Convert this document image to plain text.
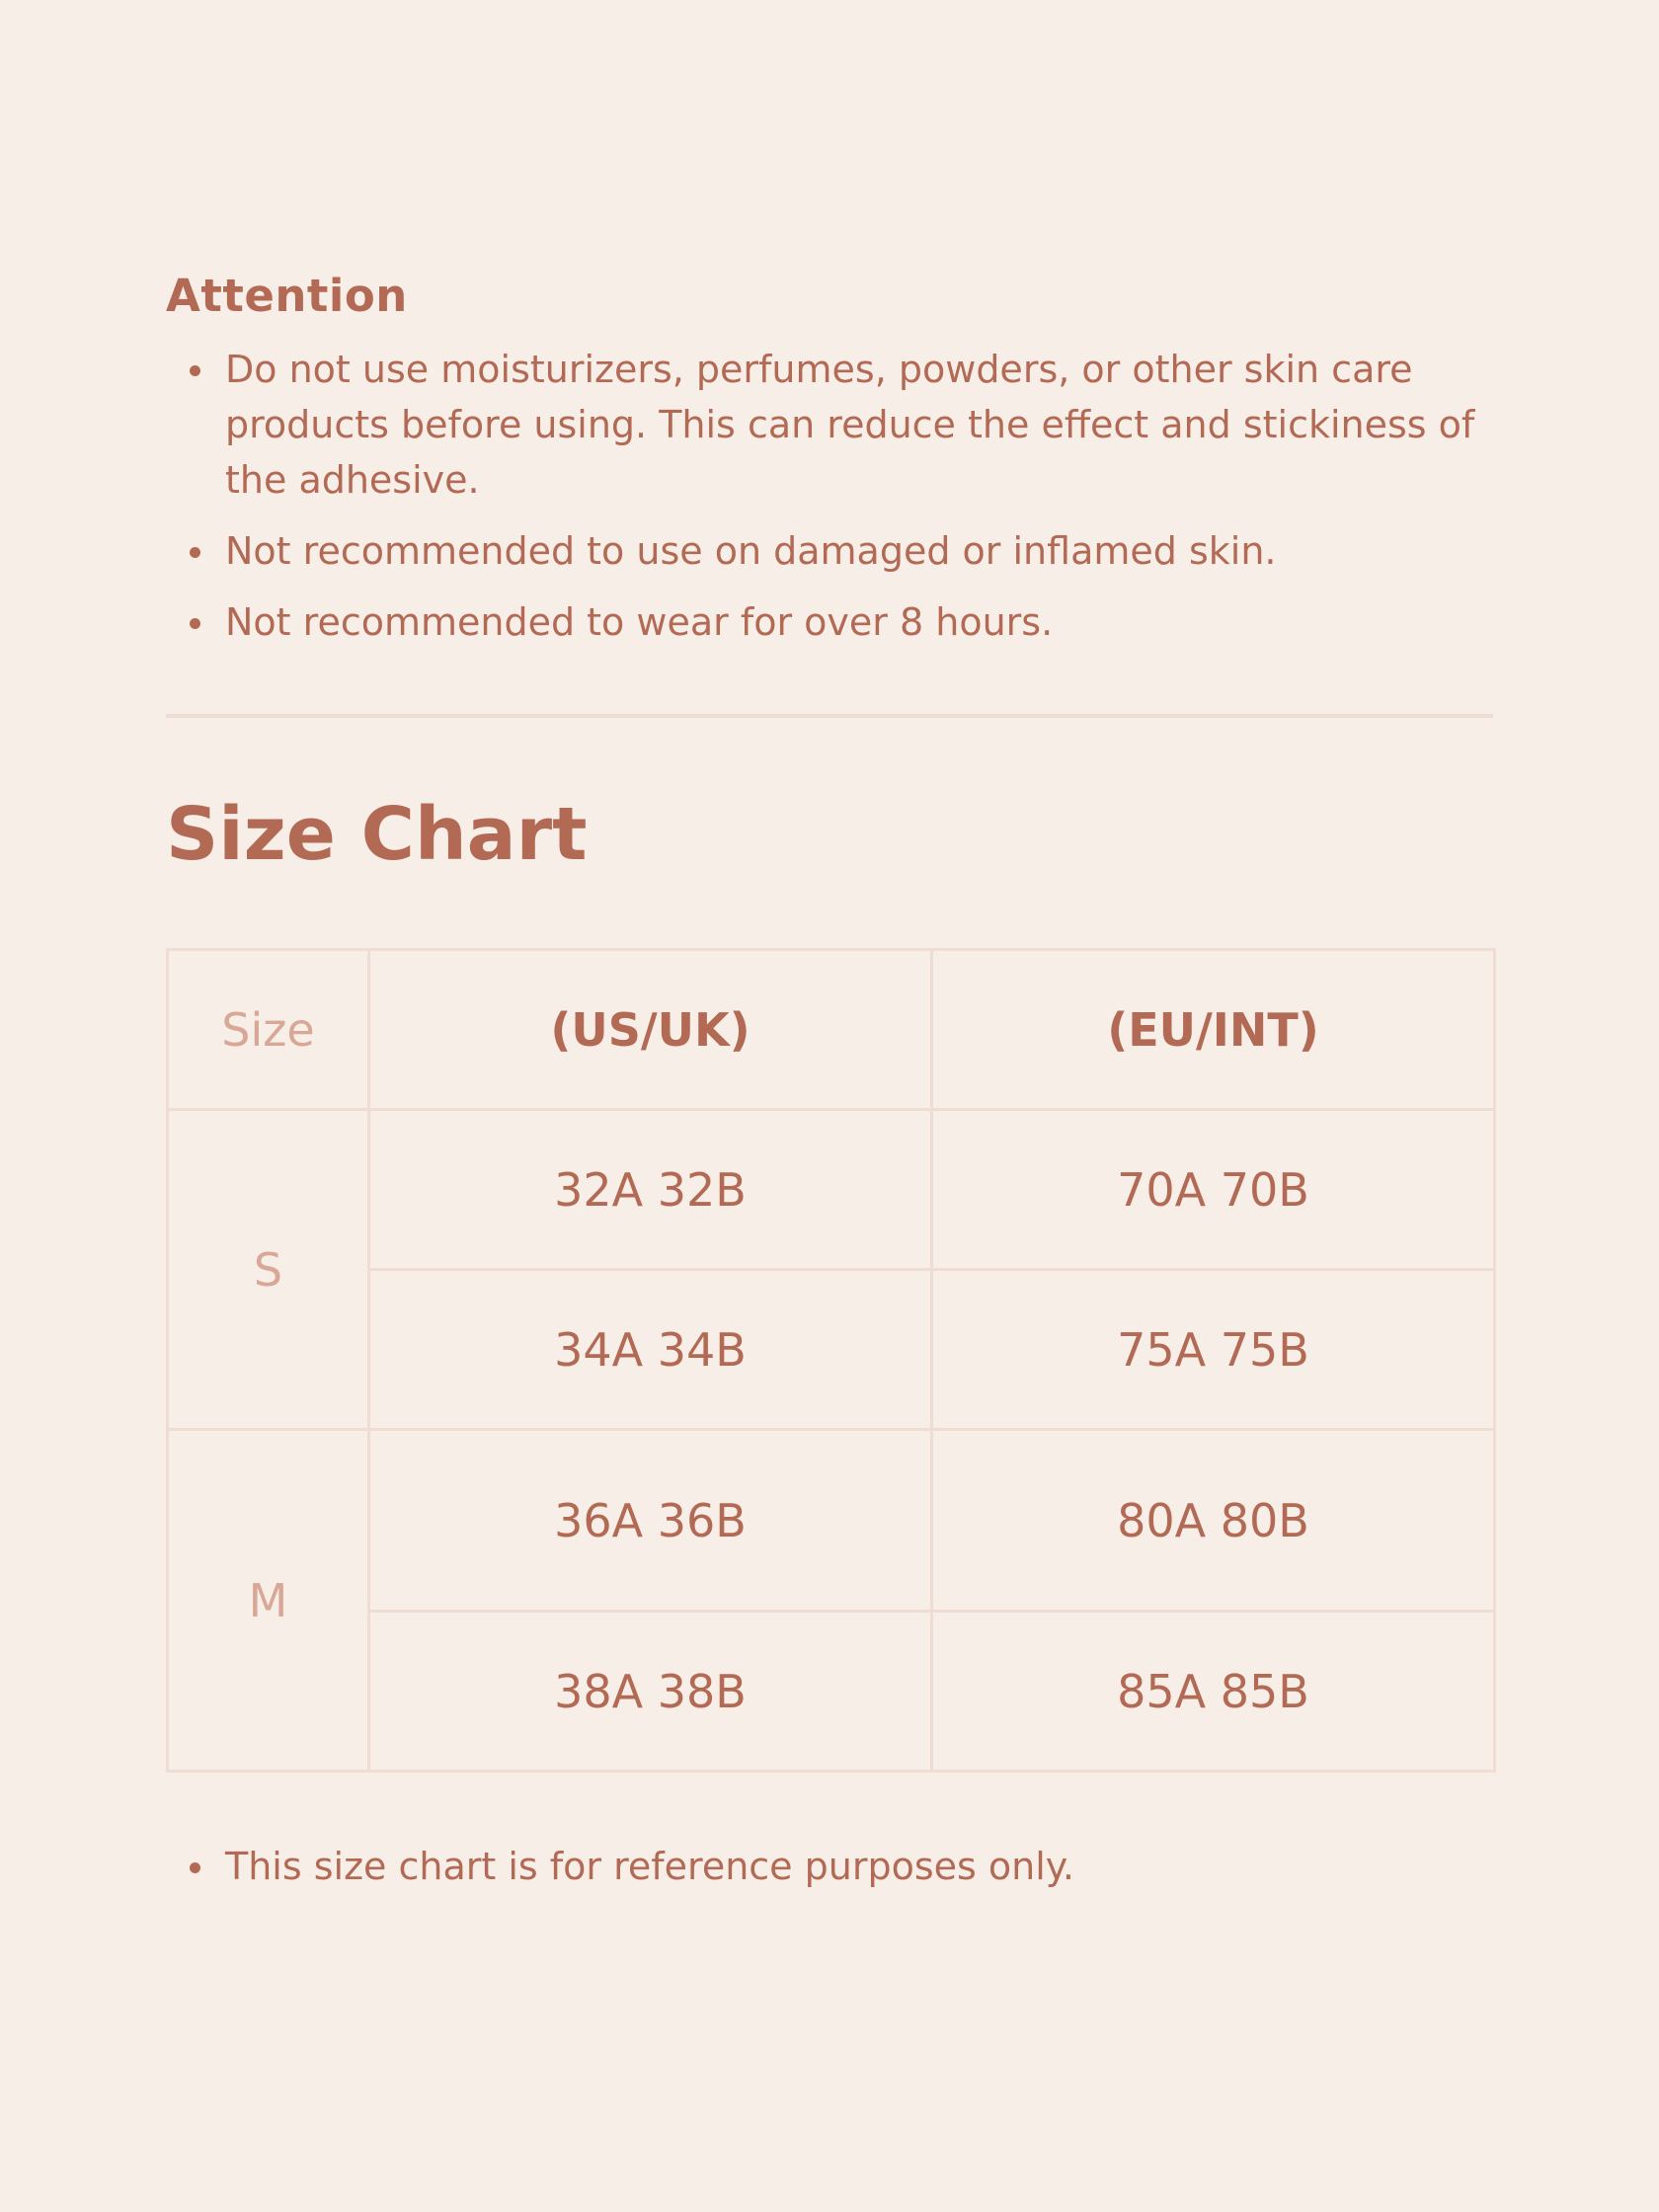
Attention
Do not use moisturizers, perfumes, powders, or other skin care products before using. This can reduce the effect and stickiness of the adhesive.
Not recommended to use on damaged or inflamed skin.
Not recommended to wear for over 8 hours.
Size Chart
Size	(US/UK)	(EU/INT)
S	32A 32B	70A 70B
	34A 34B	75A 75B
M	36A 36B	80A 80B
	38A 38B	85A 85B
This size chart is for reference purposes only.
